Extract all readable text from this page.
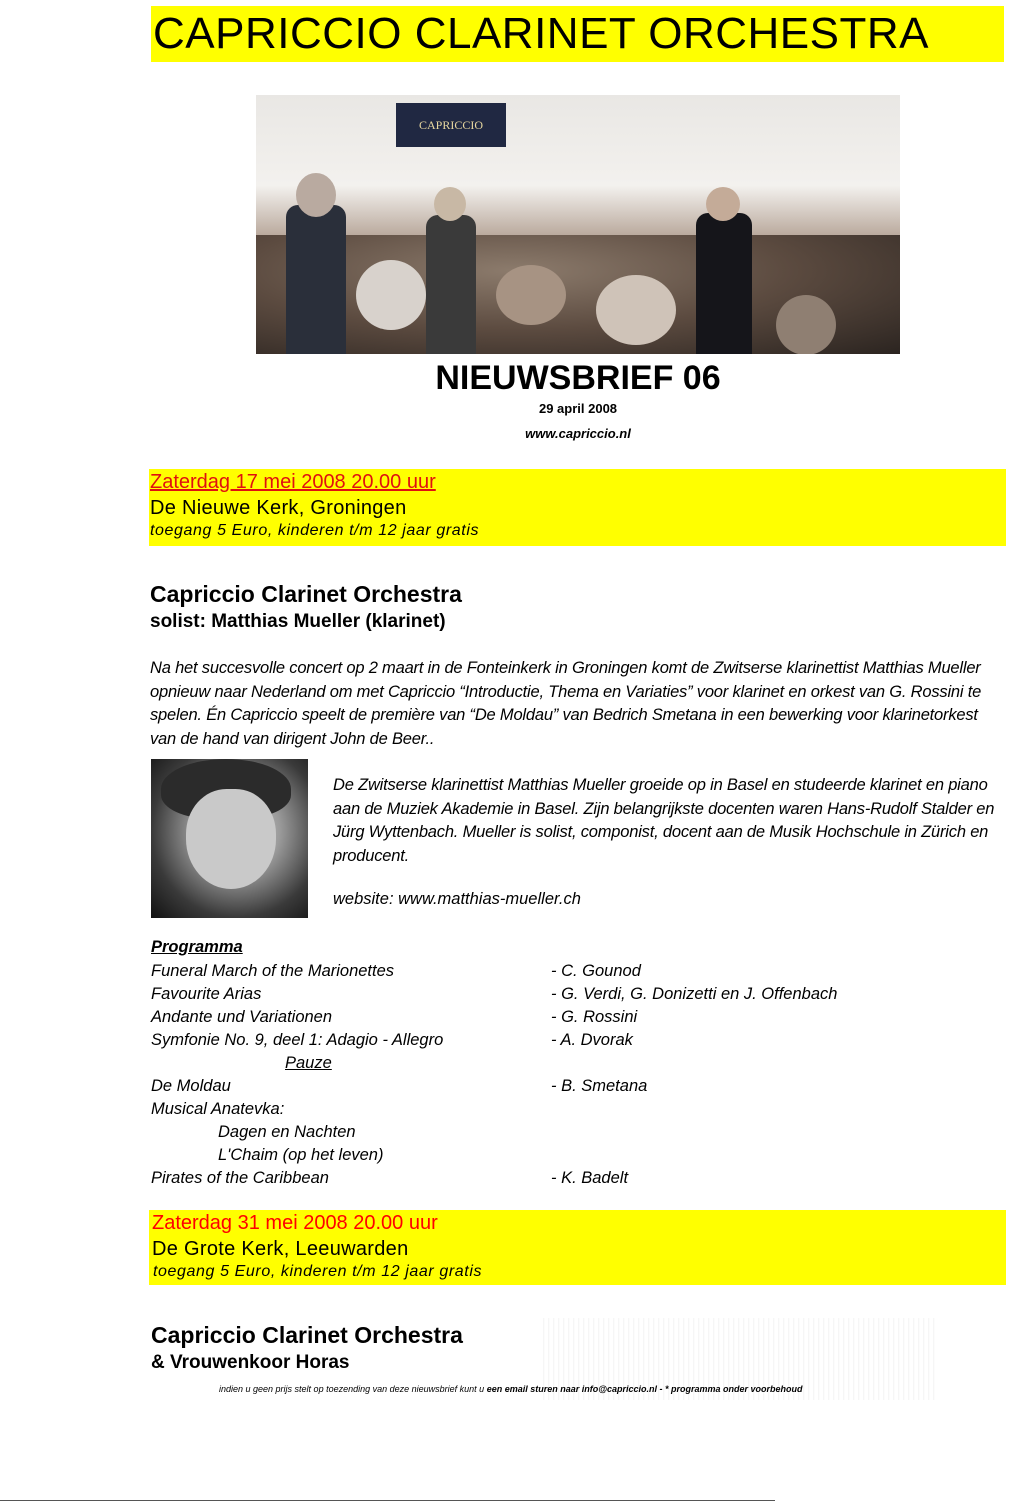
CAPRICCIO CLARINET ORCHESTRA
CAPRICCIO
NIEUWSBRIEF 06
29 april 2008
www.capriccio.nl
Zaterdag 17 mei 2008 20.00 uur
De Nieuwe Kerk, Groningen
toegang 5 Euro, kinderen t/m 12 jaar gratis
Capriccio Clarinet Orchestra
solist: Matthias Mueller (klarinet)
Na het succesvolle concert op 2 maart in de Fonteinkerk in Groningen komt de Zwitserse klarinettist Matthias Mueller opnieuw naar Nederland om met Capriccio “Introductie, Thema en Variaties” voor klarinet en orkest van G. Rossini te spelen. Én Capriccio speelt de première van “De Moldau” van Bedrich Smetana in een bewerking voor klarinetorkest van de hand van dirigent John de Beer..
De Zwitserse klarinettist Matthias Mueller groeide op in Basel en studeerde klarinet en piano aan de Muziek Akademie in Basel. Zijn belangrijkste docenten waren Hans-Rudolf Stalder en Jürg Wyttenbach. Mueller is solist, componist, docent aan de Musik Hochschule in Zürich en producent.
website: www.matthias-mueller.ch
Programma
Funeral March of the Marionettes	- C. Gounod
Favourite Arias	- G. Verdi, G. Donizetti en J. Offenbach
Andante und Variationen	- G. Rossini
Symfonie No. 9, deel 1: Adagio - Allegro	- A. Dvorak
Pauze
De Moldau	- B. Smetana
Musical Anatevka:
Dagen en Nachten
L'Chaim (op het leven)
Pirates of the Caribbean	- K. Badelt
Zaterdag 31 mei 2008 20.00 uur
De Grote Kerk, Leeuwarden
toegang 5 Euro, kinderen t/m 12 jaar gratis
Capriccio Clarinet Orchestra
& Vrouwenkoor Horas
indien u geen prijs stelt op toezending van deze nieuwsbrief kunt u een email sturen naar info@capriccio.nl - * programma onder voorbehoud
